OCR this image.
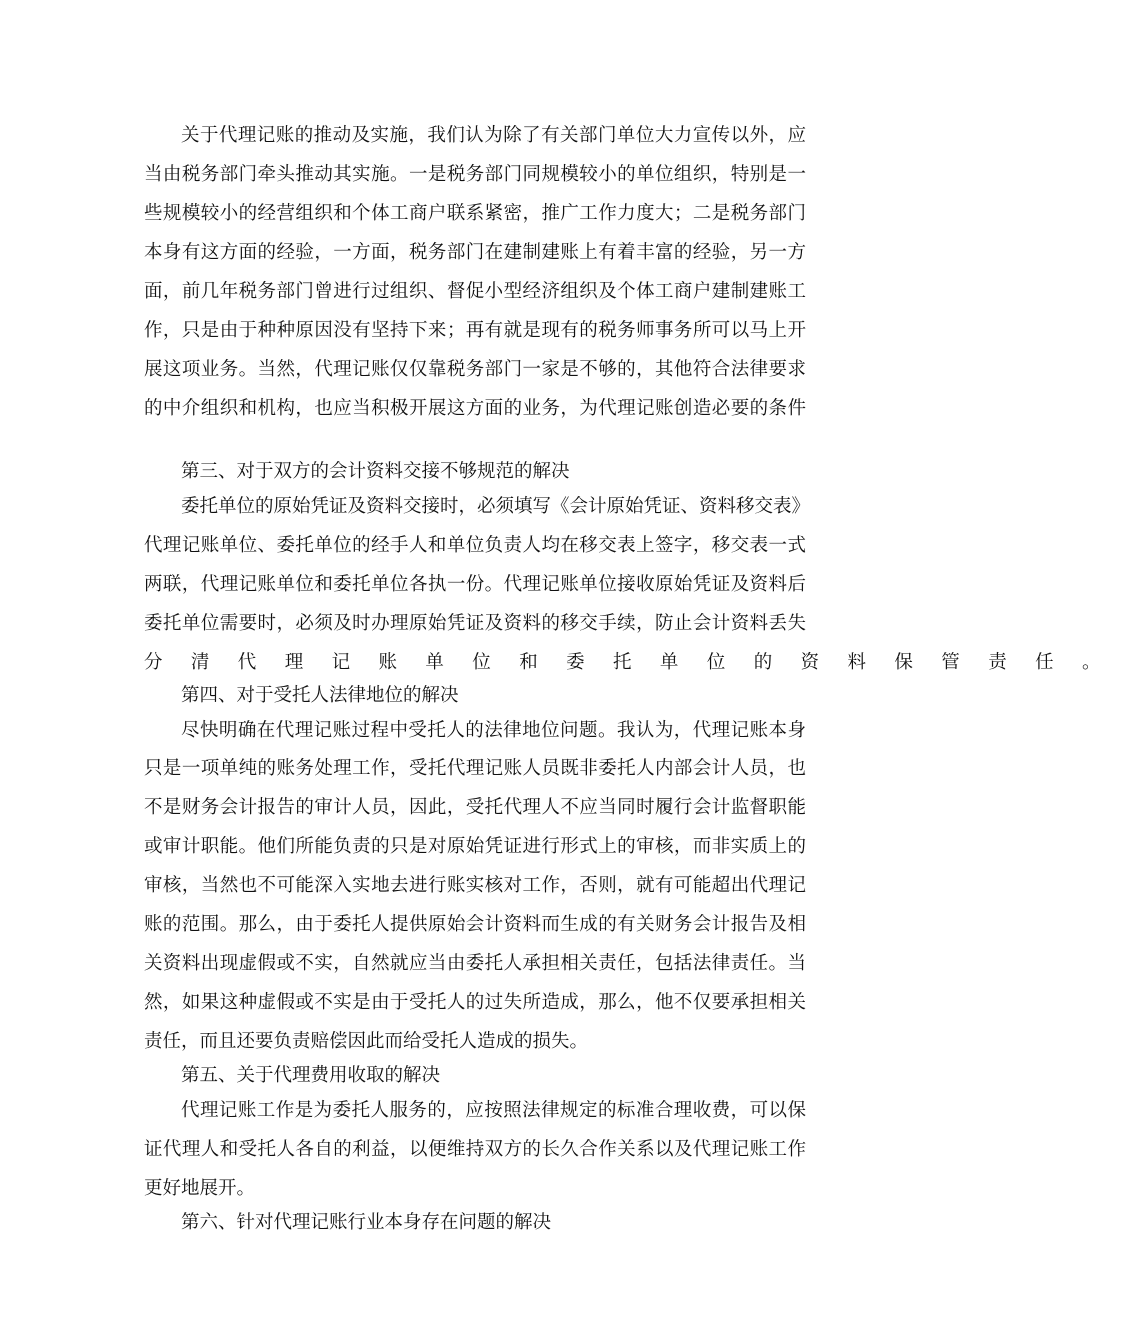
关于代理记账的推动及实施，我们认为除了有关部门单位大力宣传以外，应
当由税务部门牵头推动其实施。一是税务部门同规模较小的单位组织，特别是一
些规模较小的经营组织和个体工商户联系紧密，推广工作力度大；二是税务部门
本身有这方面的经验，一方面，税务部门在建制建账上有着丰富的经验，另一方
面，前几年税务部门曾进行过组织、督促小型经济组织及个体工商户建制建账工
作，只是由于种种原因没有坚持下来；再有就是现有的税务师事务所可以马上开
展这项业务。当然，代理记账仅仅靠税务部门一家是不够的，其他符合法律要求
的中介组织和机构，也应当积极开展这方面的业务，为代理记账创造必要的条件
第三、对于双方的会计资料交接不够规范的解决
委托单位的原始凭证及资料交接时，必须填写《会计原始凭证、资料移交表》
代理记账单位、委托单位的经手人和单位负责人均在移交表上签字，移交表一式
两联，代理记账单位和委托单位各执一份。代理记账单位接收原始凭证及资料后
委托单位需要时，必须及时办理原始凭证及资料的移交手续，防止会计资料丢失
分清代理记账单位和委托单位的资料保管责任。
第四、对于受托人法律地位的解决
尽快明确在代理记账过程中受托人的法律地位问题。我认为，代理记账本身
只是一项单纯的账务处理工作，受托代理记账人员既非委托人内部会计人员，也
不是财务会计报告的审计人员，因此，受托代理人不应当同时履行会计监督职能
或审计职能。他们所能负责的只是对原始凭证进行形式上的审核，而非实质上的
审核，当然也不可能深入实地去进行账实核对工作，否则，就有可能超出代理记
账的范围。那么，由于委托人提供原始会计资料而生成的有关财务会计报告及相
关资料出现虚假或不实，自然就应当由委托人承担相关责任，包括法律责任。当
然，如果这种虚假或不实是由于受托人的过失所造成，那么，他不仅要承担相关
责任，而且还要负责赔偿因此而给受托人造成的损失。
第五、关于代理费用收取的解决
代理记账工作是为委托人服务的，应按照法律规定的标准合理收费，可以保
证代理人和受托人各自的利益，以便维持双方的长久合作关系以及代理记账工作
更好地展开。
第六、针对代理记账行业本身存在问题的解决
